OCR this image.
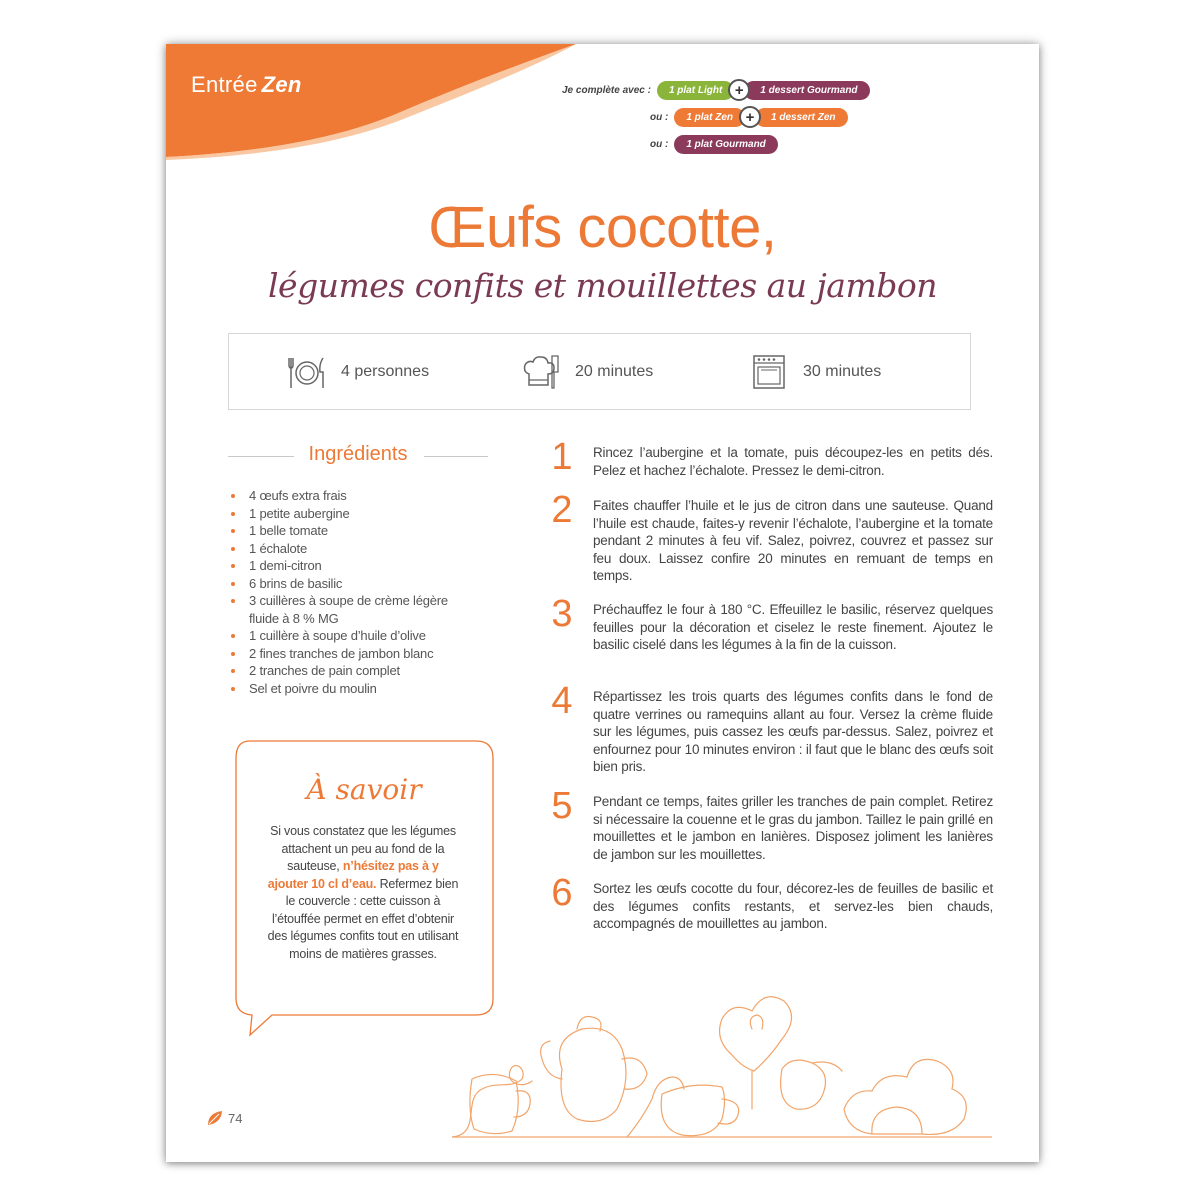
Entrée Zen	Je complète avec :	1 plat Light +	1 dessert Gourmand
ou :	1 plat Zen +	1 dessert Zen
ou :	1 plat Gourmand
Œufs cocotte,
légumes confits et mouillettes au jambon
4 personnes	20 minutes	30 minutes
Ingrédients
4 œufs extra frais
1 petite aubergine
1 belle tomate
1 échalote
1 demi-citron
6 brins de basilic
3 cuillères à soupe de crème légère fluide à 8 % MG
1 cuillère à soupe d’huile d’olive
2 fines tranches de jambon blanc
2 tranches de pain complet
Sel et poivre du moulin
À savoir
Si vous constatez que les légumes attachent un peu au fond de la sauteuse, n’hésitez pas à y ajouter 10 cl d’eau. Refermez bien le couvercle : cette cuisson à l’étouffée permet en effet d’obtenir des légumes confits tout en utilisant moins de matières grasses.
1	Rincez l’aubergine et la tomate, puis découpez-les en petits dés. Pelez et hachez l’échalote. Pressez le demi-citron.
2	Faites chauffer l’huile et le jus de citron dans une sauteuse. Quand l’huile est chaude, faites-y revenir l’échalote, l’aubergine et la tomate pendant 2 minutes à feu vif. Salez, poivrez, couvrez et passez sur feu doux. Laissez confire 20 minutes en remuant de temps en temps.
3	Préchauffez le four à 180 °C. Effeuillez le basilic, réservez quelques feuilles pour la décoration et ciselez le reste finement. Ajoutez le basilic ciselé dans les légumes à la fin de la cuisson.
4	Répartissez les trois quarts des légumes confits dans le fond de quatre verrines ou ramequins allant au four. Versez la crème fluide sur les légumes, puis cassez les œufs par-dessus. Salez, poivrez et enfournez pour 10 minutes environ : il faut que le blanc des œufs soit bien pris.
5	Pendant ce temps, faites griller les tranches de pain complet. Retirez si nécessaire la couenne et le gras du jambon. Taillez le pain grillé en mouillettes et le jambon en lanières. Disposez joliment les lanières de jambon sur les mouillettes.
6	Sortez les œufs cocotte du four, décorez-les de feuilles de basilic et des légumes confits restants, et servez-les bien chauds, accompagnés de mouillettes au jambon.
74
